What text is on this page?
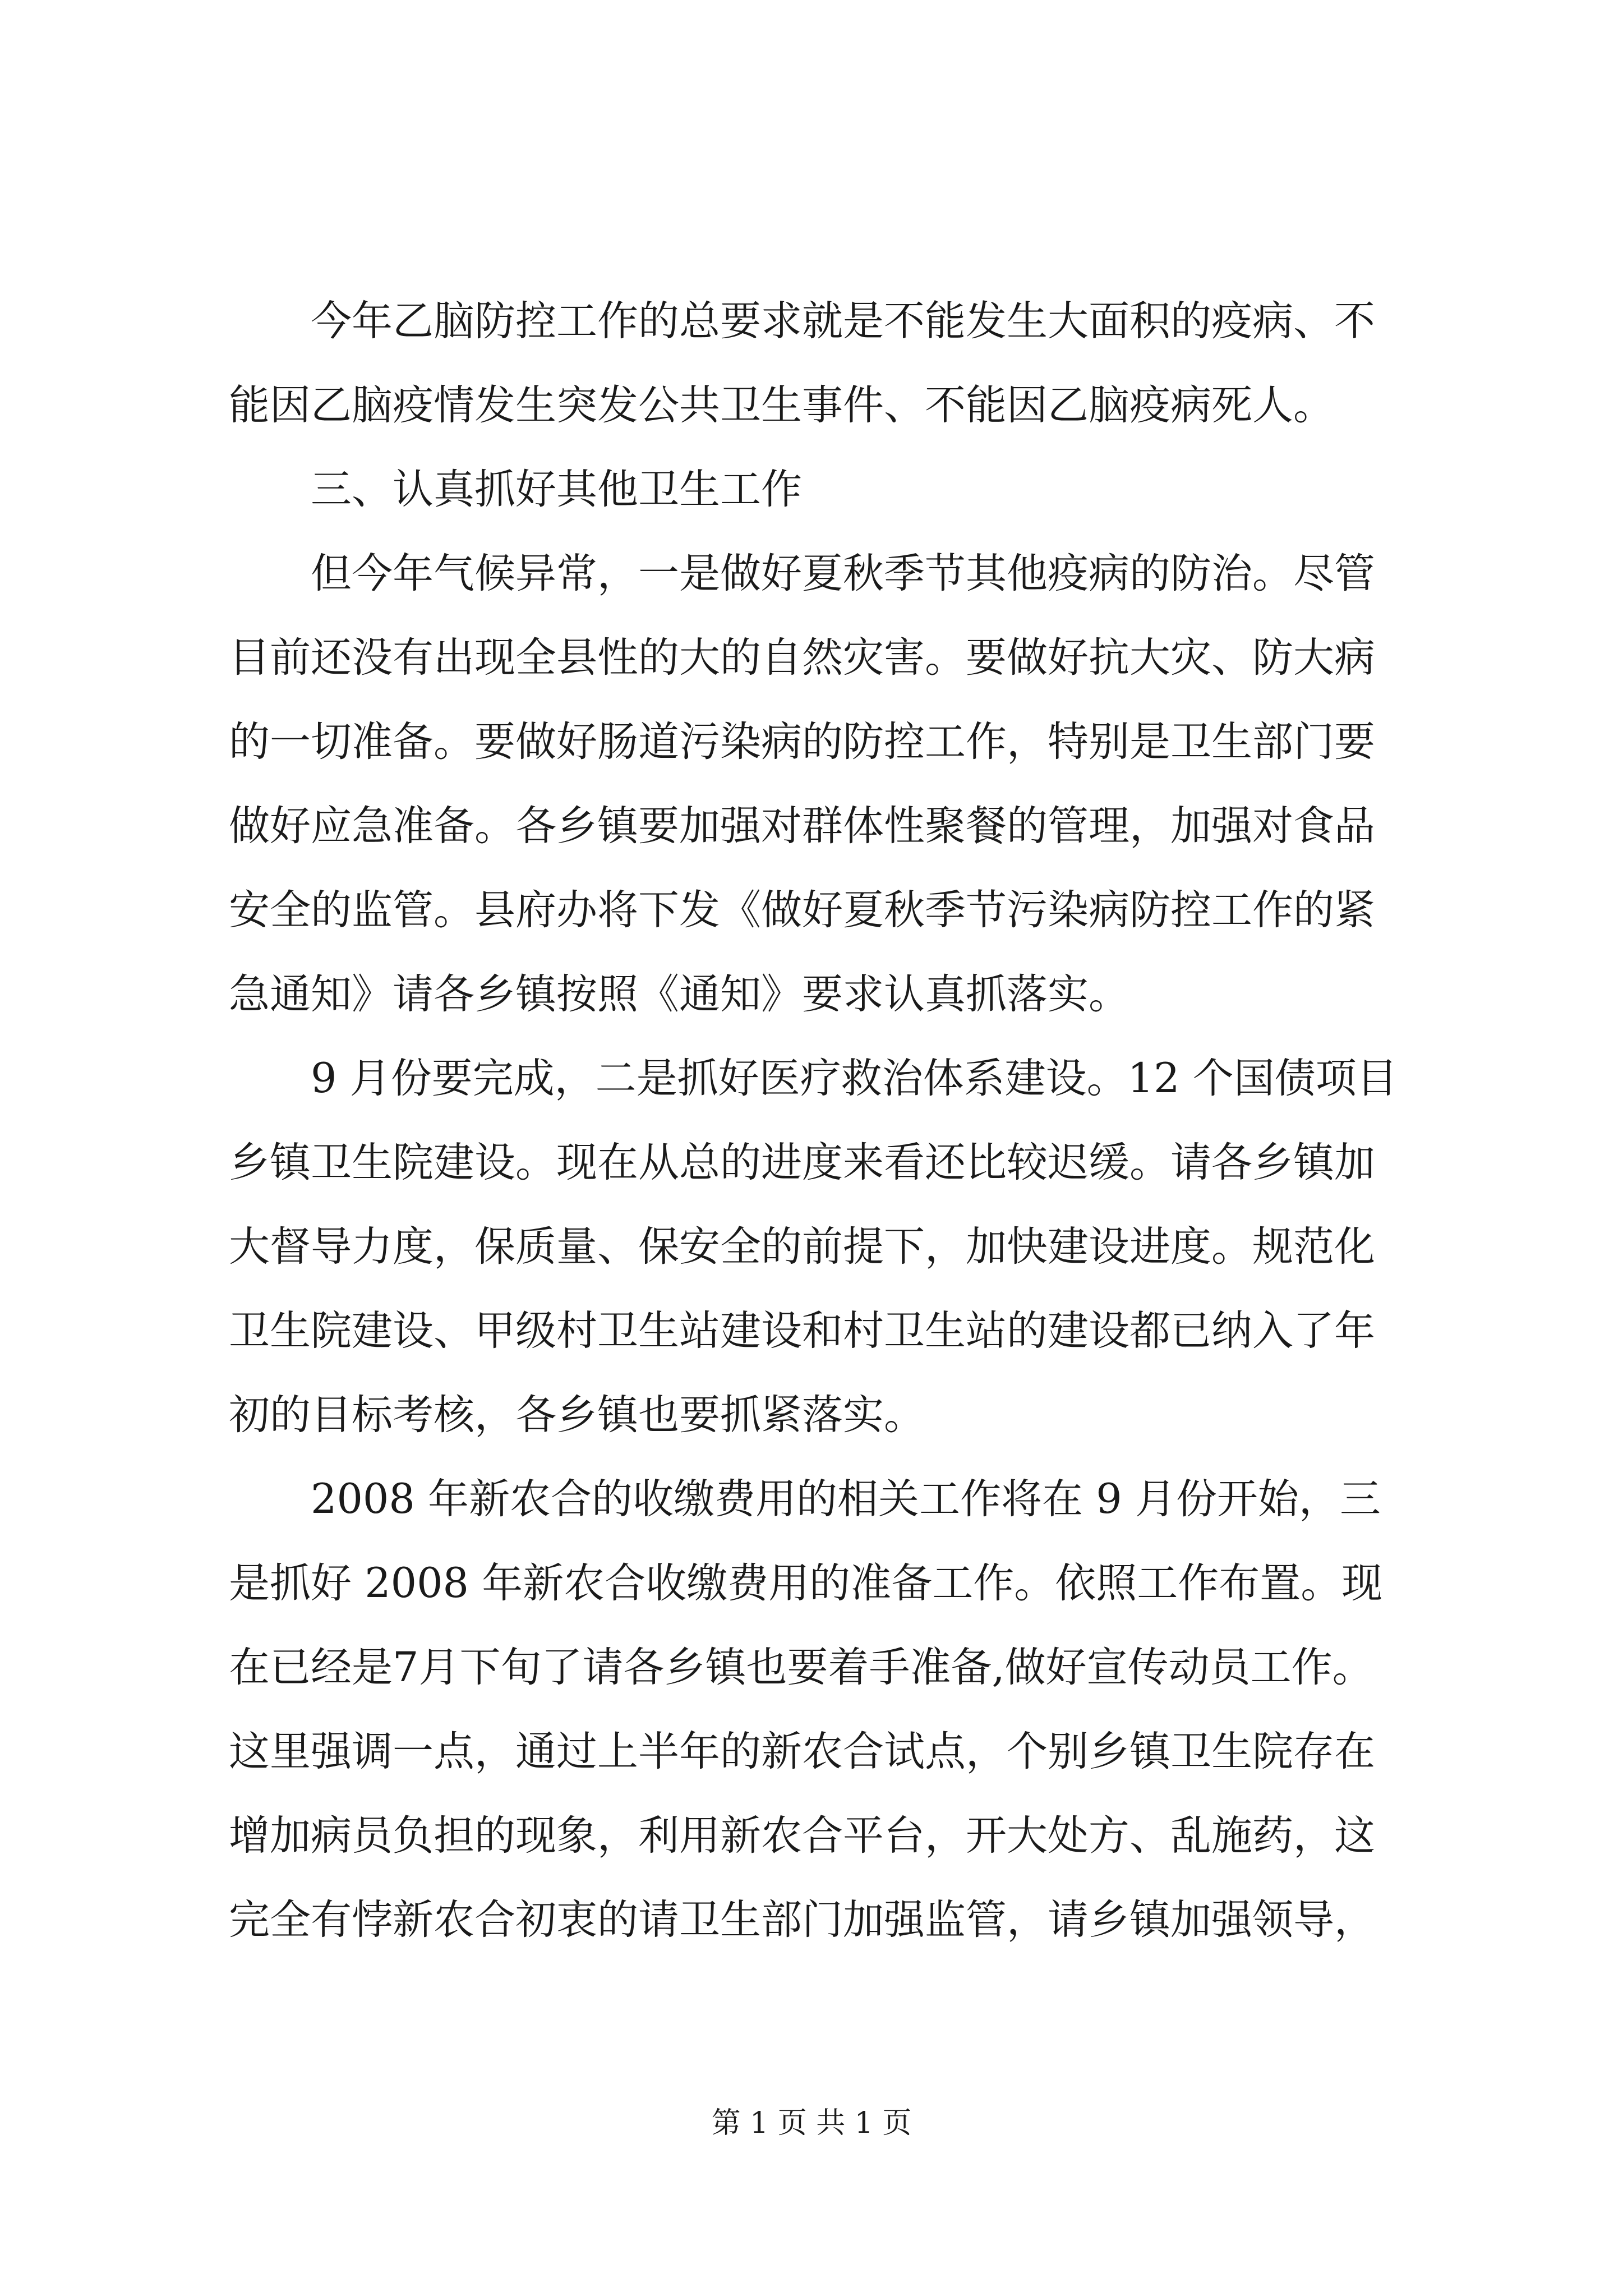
今年乙脑防控工作的总要求就是不能发生大面积的疫病、不
能因乙脑疫情发生突发公共卫生事件、不能因乙脑疫病死人。
三、认真抓好其他卫生工作
但今年气候异常，一是做好夏秋季节其他疫病的防治。尽管
目前还没有出现全县性的大的自然灾害。要做好抗大灾、防大病
的一切准备。要做好肠道污染病的防控工作，特别是卫生部门要
做好应急准备。各乡镇要加强对群体性聚餐的管理，加强对食品
安全的监管。县府办将下发《做好夏秋季节污染病防控工作的紧
急通知》请各乡镇按照《通知》要求认真抓落实。
9 月份要完成，二是抓好医疗救治体系建设。12 个国债项目
乡镇卫生院建设。现在从总的进度来看还比较迟缓。请各乡镇加
大督导力度，保质量、保安全的前提下，加快建设进度。规范化
卫生院建设、甲级村卫生站建设和村卫生站的建设都已纳入了年
初的目标考核，各乡镇也要抓紧落实。
2008 年新农合的收缴费用的相关工作将在 9 月份开始，三
是抓好 2008 年新农合收缴费用的准备工作。依照工作布置。现
在已经是7月下旬了请各乡镇也要着手准备,做好宣传动员工作。
这里强调一点，通过上半年的新农合试点，个别乡镇卫生院存在
增加病员负担的现象，利用新农合平台，开大处方、乱施药，这
完全有悖新农合初衷的请卫生部门加强监管，请乡镇加强领导，
第 1 页 共 1 页
